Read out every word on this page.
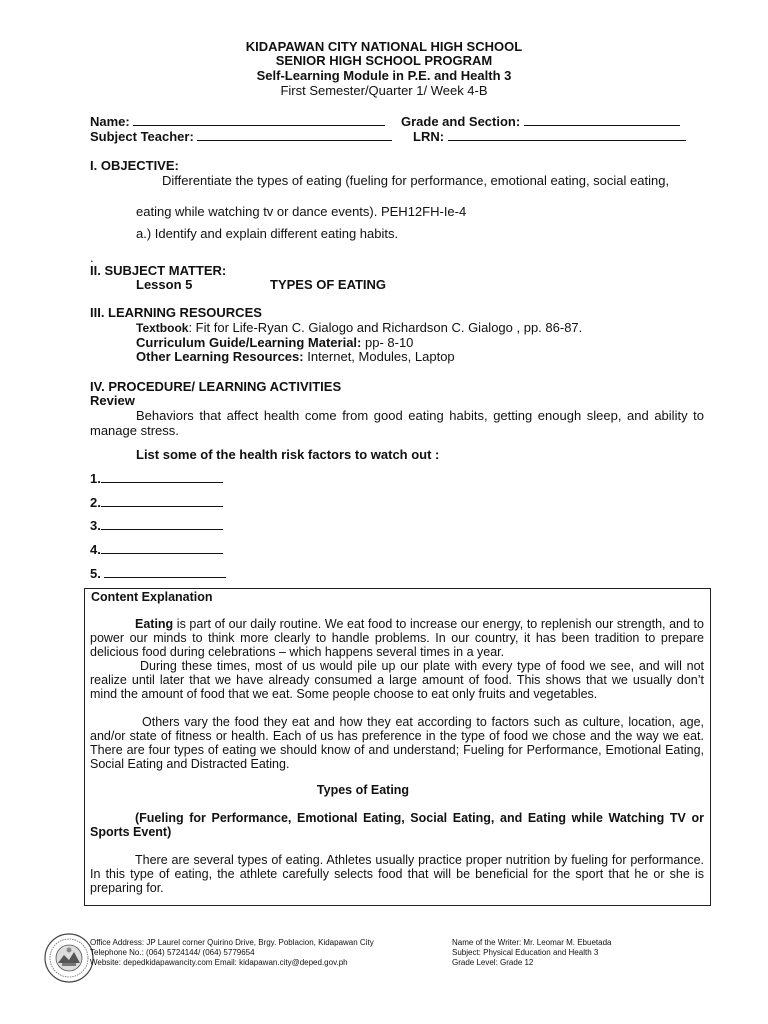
KIDAPAWAN CITY NATIONAL HIGH SCHOOL
SENIOR HIGH SCHOOL PROGRAM
Self-Learning Module in P.E. and Health 3
First Semester/Quarter 1/ Week 4-B
Name:	Grade and Section:
Subject Teacher:	LRN:
I. OBJECTIVE:
Differentiate the types of eating (fueling for performance, emotional eating, social eating,
eating while watching tv or dance events). PEH12FH-Ie-4
a.) Identify and explain different eating habits.
.
II. SUBJECT MATTER:
Lesson 5	TYPES OF EATING
III. LEARNING RESOURCES
Textbook: Fit for Life-Ryan C. Gialogo and Richardson C. Gialogo , pp. 86-87.
Curriculum Guide/Learning Material: pp- 8-10
Other Learning Resources: Internet, Modules, Laptop
IV. PROCEDURE/ LEARNING ACTIVITIES
Review
Behaviors that affect health come from good eating habits, getting enough sleep, and ability to manage stress.
List some of the health risk factors to watch out :
1.
2.
3.
4.
5.
Content Explanation
Eating is part of our daily routine. We eat food to increase our energy, to replenish our strength, and to power our minds to think more clearly to handle problems. In our country, it has been tradition to prepare delicious food during celebrations – which happens several times in a year.
During these times, most of us would pile up our plate with every type of food we see, and will not realize until later that we have already consumed a large amount of food. This shows that we usually don’t mind the amount of food that we eat. Some people choose to eat only fruits and vegetables.
Others vary the food they eat and how they eat according to factors such as culture, location, age, and/or state of fitness or health. Each of us has preference in the type of food we chose and the way we eat. There are four types of eating we should know of and understand; Fueling for Performance, Emotional Eating, Social Eating and Distracted Eating.
Types of Eating
(Fueling for Performance, Emotional Eating, Social Eating, and Eating while Watching TV or Sports Event)
There are several types of eating. Athletes usually practice proper nutrition by fueling for performance. In this type of eating, the athlete carefully selects food that will be beneficial for the sport that he or she is preparing for.
Office Address: JP Laurel corner Quirino Drive, Brgy. Poblacion, Kidapawan City
Telephone No.: (064) 5724144/ (064) 5779654
Website: depedkidapawancity.com Email: kidapawan.city@deped.gov.ph
Name of the Writer: Mr. Leomar M. Ebuetada
Subject: Physical Education and Health 3
Grade Level: Grade 12
